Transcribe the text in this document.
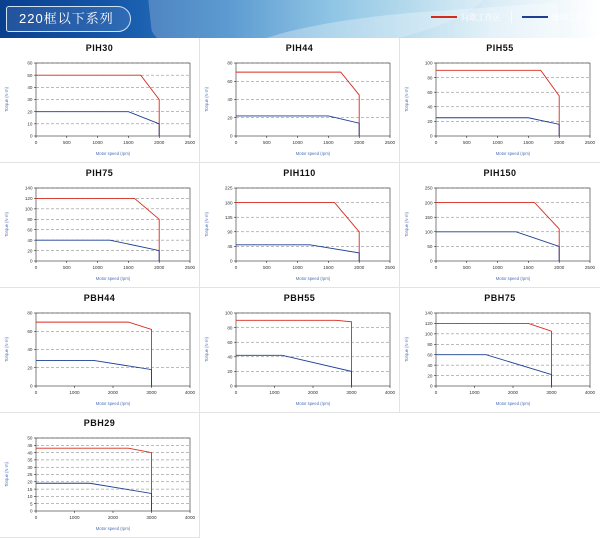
220框以下系列	间歇工作区	连续工作区
PIH30
0
10
20
30
40
50
60
0	500	1000	1500	2000	2500
Motor speed (rpm)
Torque (N·m)
PIH44
0
20
40
60
80
0	500	1000	1500	2000	2500
Motor speed (rpm)
Torque (N·m)
PIH55
0
20
40
60
80
100
0	500	1000	1500	2000	2500
Motor speed (rpm)
Torque (N·m)
PIH75
0
20
40
60
80
100
120
140
0	500	1000	1500	2000	2500
Motor speed (rpm)
Torque (N·m)
PIH110
0
45
90
135
180
225
0	500	1000	1500	2000	2500
Motor speed (rpm)
Torque (N·m)
PIH150
0
50
100
150
200
250
0	500	1000	1500	2000	2500
Motor speed (rpm)
Torque (N·m)
PBH44
0
20
40
60
80
0	1000	2000	3000	4000
Motor speed (rpm)
Torque (N·m)
PBH55
0
20
40
60
80
100
0	1000	2000	3000	4000
Motor speed (rpm)
Torque (N·m)
PBH75
0
20
40
60
80
100
120
140
0	1000	2000	3000	4000
Motor speed (rpm)
Torque (N·m)
PBH29
0
5
10
15
20
25
30
35
40
45
50
0	1000	2000	3000	4000
Motor speed (rpm)
Torque (N·m)
